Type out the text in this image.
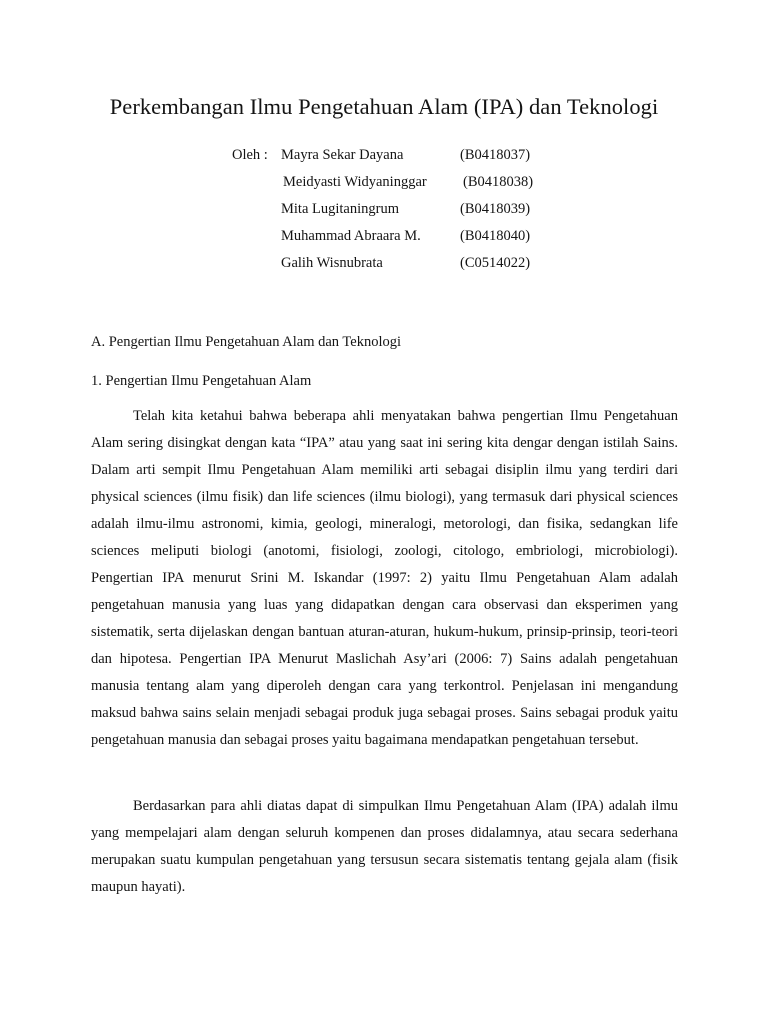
Perkembangan Ilmu Pengetahuan Alam (IPA) dan Teknologi
Oleh : Mayra Sekar Dayana	(B0418037)
Meidyasti Widyaninggar	(B0418038)
Mita Lugitaningrum	(B0418039)
Muhammad Abraara M.	(B0418040)
Galih Wisnubrata	(C0514022)
A. Pengertian Ilmu Pengetahuan Alam dan Teknologi
1. Pengertian Ilmu Pengetahuan Alam

Telah kita ketahui bahwa beberapa ahli menyatakan bahwa pengertian Ilmu Pengetahuan Alam sering disingkat dengan kata “IPA” atau yang saat ini sering kita dengar dengan istilah Sains. Dalam arti sempit Ilmu Pengetahuan Alam memiliki arti sebagai disiplin ilmu yang terdiri dari physical sciences (ilmu fisik) dan life sciences (ilmu biologi), yang termasuk dari physical sciences adalah ilmu-ilmu astronomi, kimia, geologi, mineralogi, metorologi, dan fisika, sedangkan life sciences meliputi biologi (anotomi, fisiologi, zoologi, citologo, embriologi, microbiologi). Pengertian IPA menurut Srini M. Iskandar (1997: 2) yaitu Ilmu Pengetahuan Alam adalah pengetahuan manusia yang luas yang didapatkan dengan cara observasi dan eksperimen yang sistematik, serta dijelaskan dengan bantuan aturan-aturan, hukum-hukum, prinsip-prinsip, teori-teori dan hipotesa. Pengertian IPA Menurut Maslichah Asy’ari (2006: 7) Sains adalah pengetahuan manusia tentang alam yang diperoleh dengan cara yang terkontrol. Penjelasan ini mengandung maksud bahwa sains selain menjadi sebagai produk juga sebagai proses. Sains sebagai produk yaitu pengetahuan manusia dan sebagai proses yaitu bagaimana mendapatkan pengetahuan tersebut.

Berdasarkan para ahli diatas dapat di simpulkan Ilmu Pengetahuan Alam (IPA) adalah ilmu yang mempelajari alam dengan seluruh kompenen dan proses didalamnya, atau secara sederhana merupakan suatu kumpulan pengetahuan yang tersusun secara sistematis tentang gejala alam (fisik maupun hayati).
